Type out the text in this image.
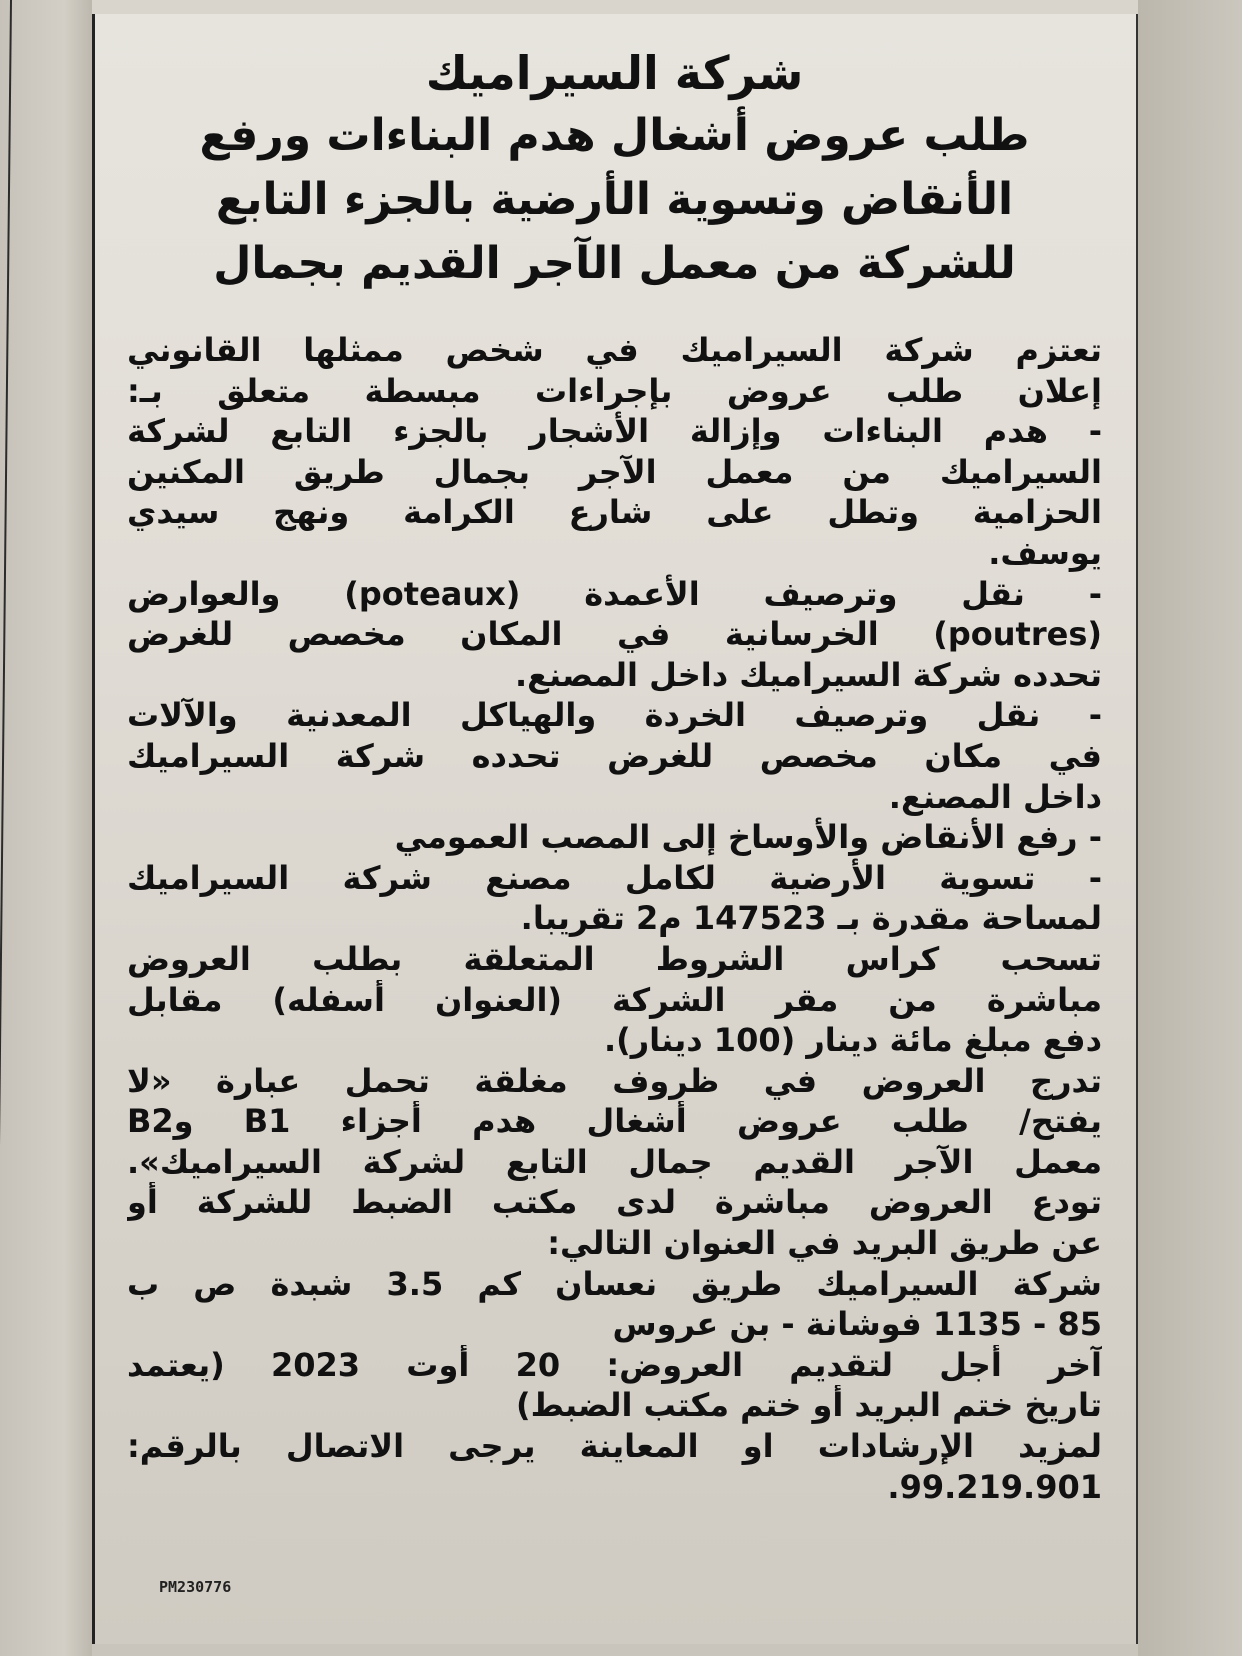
شركة السيراميك

طلب عروض أشغال هدم البناءات ورفع

الأنقاض وتسوية الأرضية بالجزء التابع

للشركة من معمل الآجر القديم بجمال

تعتزم شركة السيراميك في شخص ممثلها القانوني
إعلان طلب عروض بإجراءات مبسطة متعلق بـ:
- هدم البناءات وإزالة الأشجار بالجزء التابع لشركة
السيراميك من معمل الآجر بجمال طريق المكنين
الحزامية وتطل على شارع الكرامة ونهج سيدي
يوسف.
- نقل وترصيف الأعمدة (poteaux) والعوارض
(poutres) الخرسانية في المكان مخصص للغرض
تحدده شركة السيراميك داخل المصنع.
- نقل وترصيف الخردة والهياكل المعدنية والآلات
في مكان مخصص للغرض تحدده شركة السيراميك
داخل المصنع.
- رفع الأنقاض والأوساخ إلى المصب العمومي
- تسوية الأرضية لكامل مصنع شركة السيراميك
لمساحة مقدرة بـ 147523 م2 تقريبا.
تسحب كراس الشروط المتعلقة بطلب العروض
مباشرة من مقر الشركة (العنوان أسفله) مقابل
دفع مبلغ مائة دينار (100 دينار).
تدرج العروض في ظروف مغلقة تحمل عبارة «لا
يفتح/ طلب عروض أشغال هدم أجزاء B1 وB2
معمل الآجر القديم جمال التابع لشركة السيراميك».
تودع العروض مباشرة لدى مكتب الضبط للشركة أو
عن طريق البريد في العنوان التالي:
شركة السيراميك طريق نعسان كم 3.5 شبدة ص ب
85 - 1135 فوشانة - بن عروس
آخر أجل لتقديم العروض: 20 أوت 2023 (يعتمد
تاريخ ختم البريد أو ختم مكتب الضبط)
لمزيد الإرشادات او المعاينة يرجى الاتصال بالرقم:
99.219.901.
PM230776
